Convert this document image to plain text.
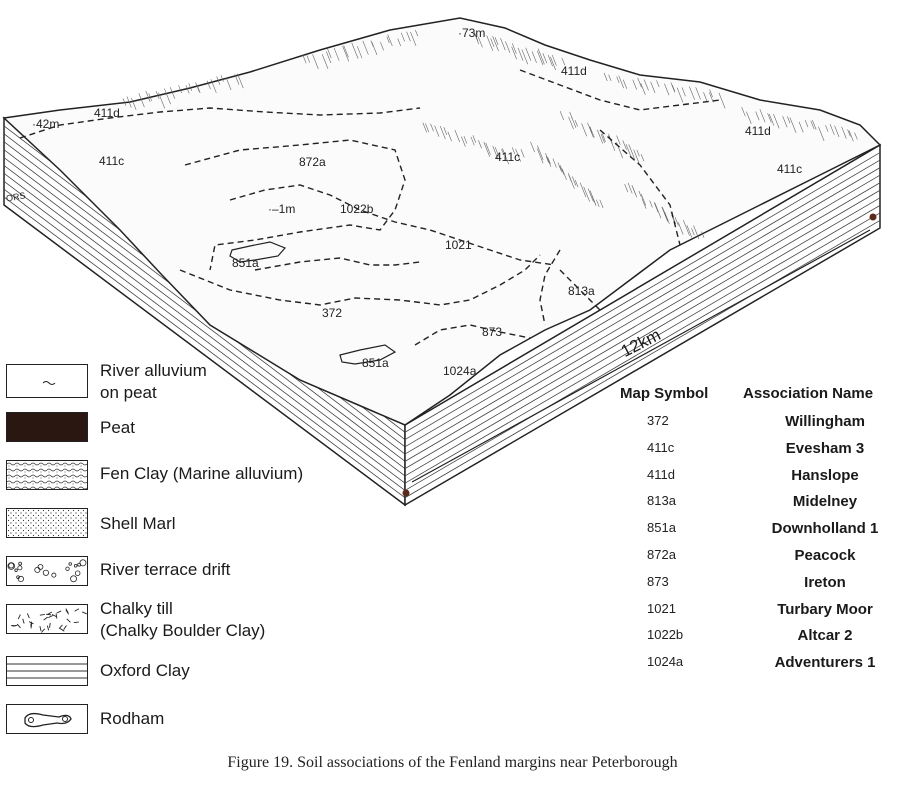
·73m
·42m
·–1m
411d
411d
411d
411c	411c
411c
872a
1022b
1021
851a
851a
372
813a
873
1024a
ORS
12km
River alluvium
on peat
Peat
Fen Clay (Marine alluvium)
Shell Marl
River terrace drift
Chalky till
(Chalky Boulder Clay)
Oxford Clay
Rodham
Map Symbol Association Name
372	Willingham
411c	Evesham 3
411d	Hanslope
813a	Midelney
851a	Downholland 1
872a	Peacock
873	Ireton
1021	Turbary Moor
1022b	Altcar 2
1024a	Adventurers 1
Figure 19. Soil associations of the Fenland margins near Peterborough
